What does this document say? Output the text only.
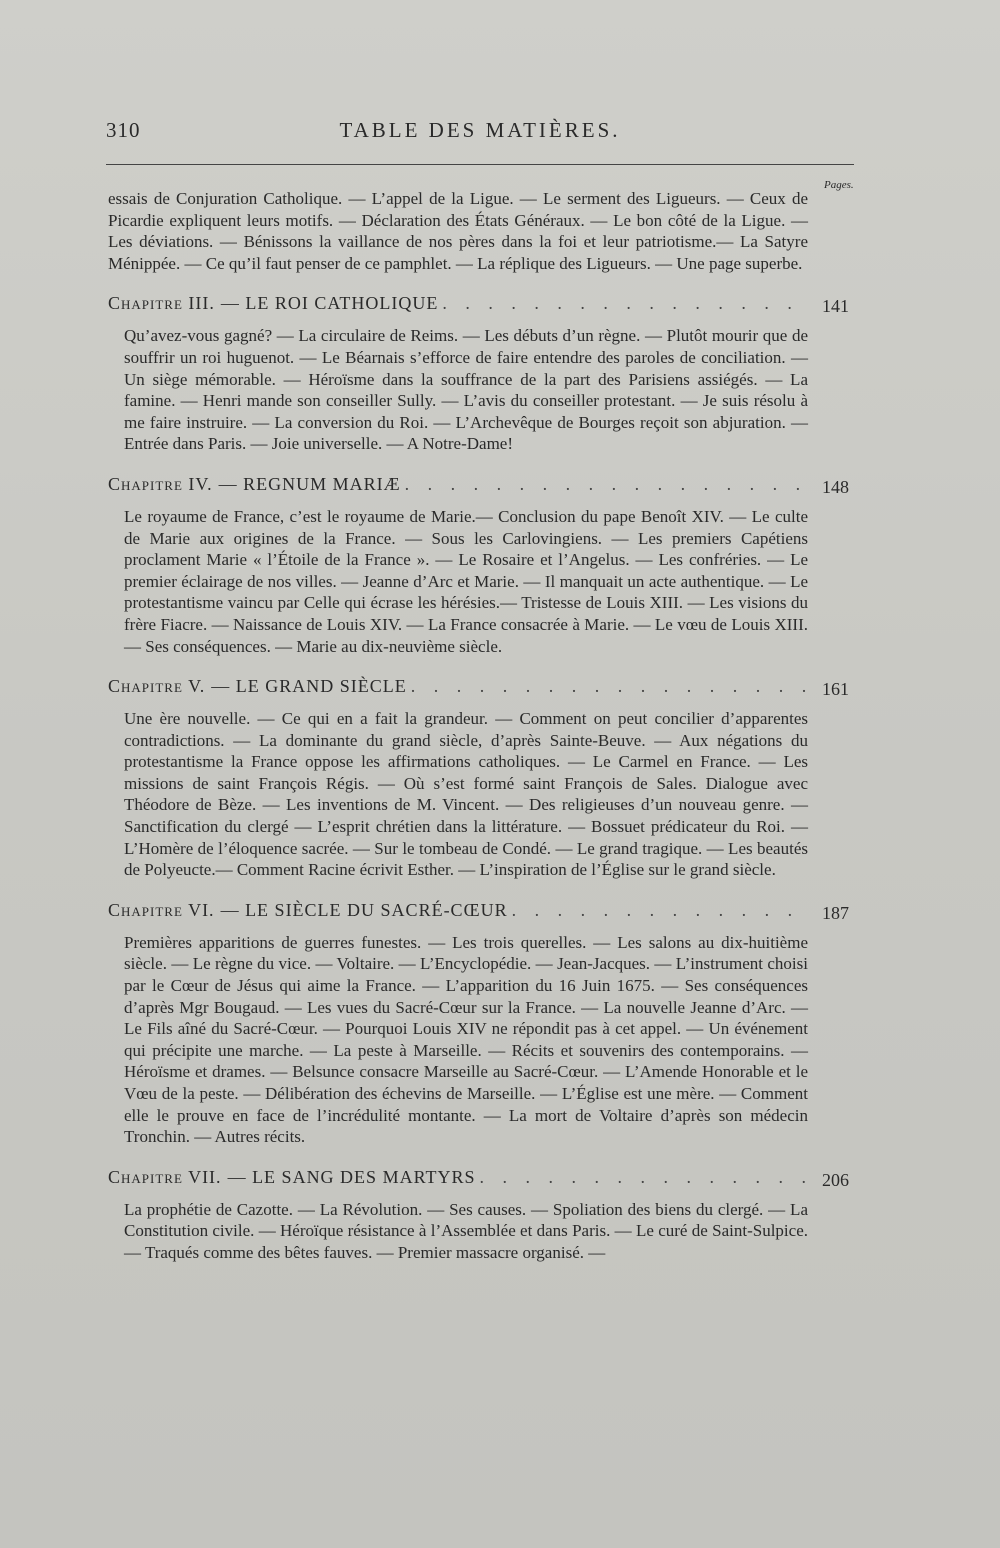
310	TABLE DES MATIÈRES.
Pages.

essais de Conjuration Catholique. — L’appel de la Ligue. — Le serment des Ligueurs. — Ceux de Picardie expliquent leurs motifs. — Déclaration des États Généraux. — Le bon côté de la Ligue. — Les déviations. — Bénissons la vaillance de nos pères dans la foi et leur patriotisme.— La Satyre Ménippée. — Ce qu’il faut penser de ce pamphlet. — La réplique des Ligueurs. — Une page superbe.

Chapitre III. — LE ROI CATHOLIQUE . . .	141

Qu’avez-vous gagné? — La circulaire de Reims. — Les débuts d’un règne. — Plutôt mourir que de souffrir un roi huguenot. — Le Béarnais s’efforce de faire entendre des paroles de conciliation. — Un siège mémorable. — Héroïsme dans la souffrance de la part des Parisiens assiégés. — La famine. — Henri mande son conseiller Sully. — L’avis du conseiller protestant. — Je suis résolu à me faire instruire. — La conversion du Roi. — L’Archevêque de Bourges reçoit son abjuration. — Entrée dans Paris. — Joie universelle. — A Notre-Dame!

Chapitre IV. — REGNUM MARIÆ . . .	148

Le royaume de France, c’est le royaume de Marie.— Conclusion du pape Benoît XIV. — Le culte de Marie aux origines de la France. — Sous les Carlovingiens. — Les premiers Capétiens proclament Marie « l’Étoile de la France ». — Le Rosaire et l’Angelus. — Les confréries. — Le premier éclairage de nos villes. — Jeanne d’Arc et Marie. — Il manquait un acte authentique. — Le protestantisme vaincu par Celle qui écrase les hérésies.— Tristesse de Louis XIII. — Les visions du frère Fiacre. — Naissance de Louis XIV. — La France consacrée à Marie. — Le vœu de Louis XIII. — Ses conséquences. — Marie au dix-neuvième siècle.

Chapitre V. — LE GRAND SIÈCLE . . .	161

Une ère nouvelle. — Ce qui en a fait la grandeur. — Comment on peut concilier d’apparentes contradictions. — La dominante du grand siècle, d’après Sainte-Beuve. — Aux négations du protestantisme la France oppose les affirmations catholiques. — Le Carmel en France. — Les missions de saint François Régis. — Où s’est formé saint François de Sales. Dialogue avec Théodore de Bèze. — Les inventions de M. Vincent. — Des religieuses d’un nouveau genre. — Sanctification du clergé — L’esprit chrétien dans la littérature. — Bossuet prédicateur du Roi. — L’Homère de l’éloquence sacrée. — Sur le tombeau de Condé. — Le grand tragique. — Les beautés de Polyeucte.— Comment Racine écrivit Esther. — L’inspiration de l’Église sur le grand siècle.

Chapitre VI. — LE SIÈCLE DU SACRÉ-CŒUR . . .	187

Premières apparitions de guerres funestes. — Les trois querelles. — Les salons au dix-huitième siècle. — Le règne du vice. — Voltaire. — L’Encyclopédie. — Jean-Jacques. — L’instrument choisi par le Cœur de Jésus qui aime la France. — L’apparition du 16 Juin 1675. — Ses conséquences d’après Mgr Bougaud. — Les vues du Sacré-Cœur sur la France. — La nouvelle Jeanne d’Arc. — Le Fils aîné du Sacré-Cœur. — Pourquoi Louis XIV ne répondit pas à cet appel. — Un événement qui précipite une marche. — La peste à Marseille. — Récits et souvenirs des contemporains. — Héroïsme et drames. — Belsunce consacre Marseille au Sacré-Cœur. — L’Amende Honorable et le Vœu de la peste. — Délibération des échevins de Marseille. — L’Église est une mère. — Comment elle le prouve en face de l’incrédulité montante. — La mort de Voltaire d’après son médecin Tronchin. — Autres récits.

Chapitre VII. — LE SANG DES MARTYRS . . .	206

La prophétie de Cazotte. — La Révolution. — Ses causes. — Spoliation des biens du clergé. — La Constitution civile. — Héroïque résistance à l’Assemblée et dans Paris. — Le curé de Saint-Sulpice. — Traqués comme des bêtes fauves. — Premier massacre organisé. —
